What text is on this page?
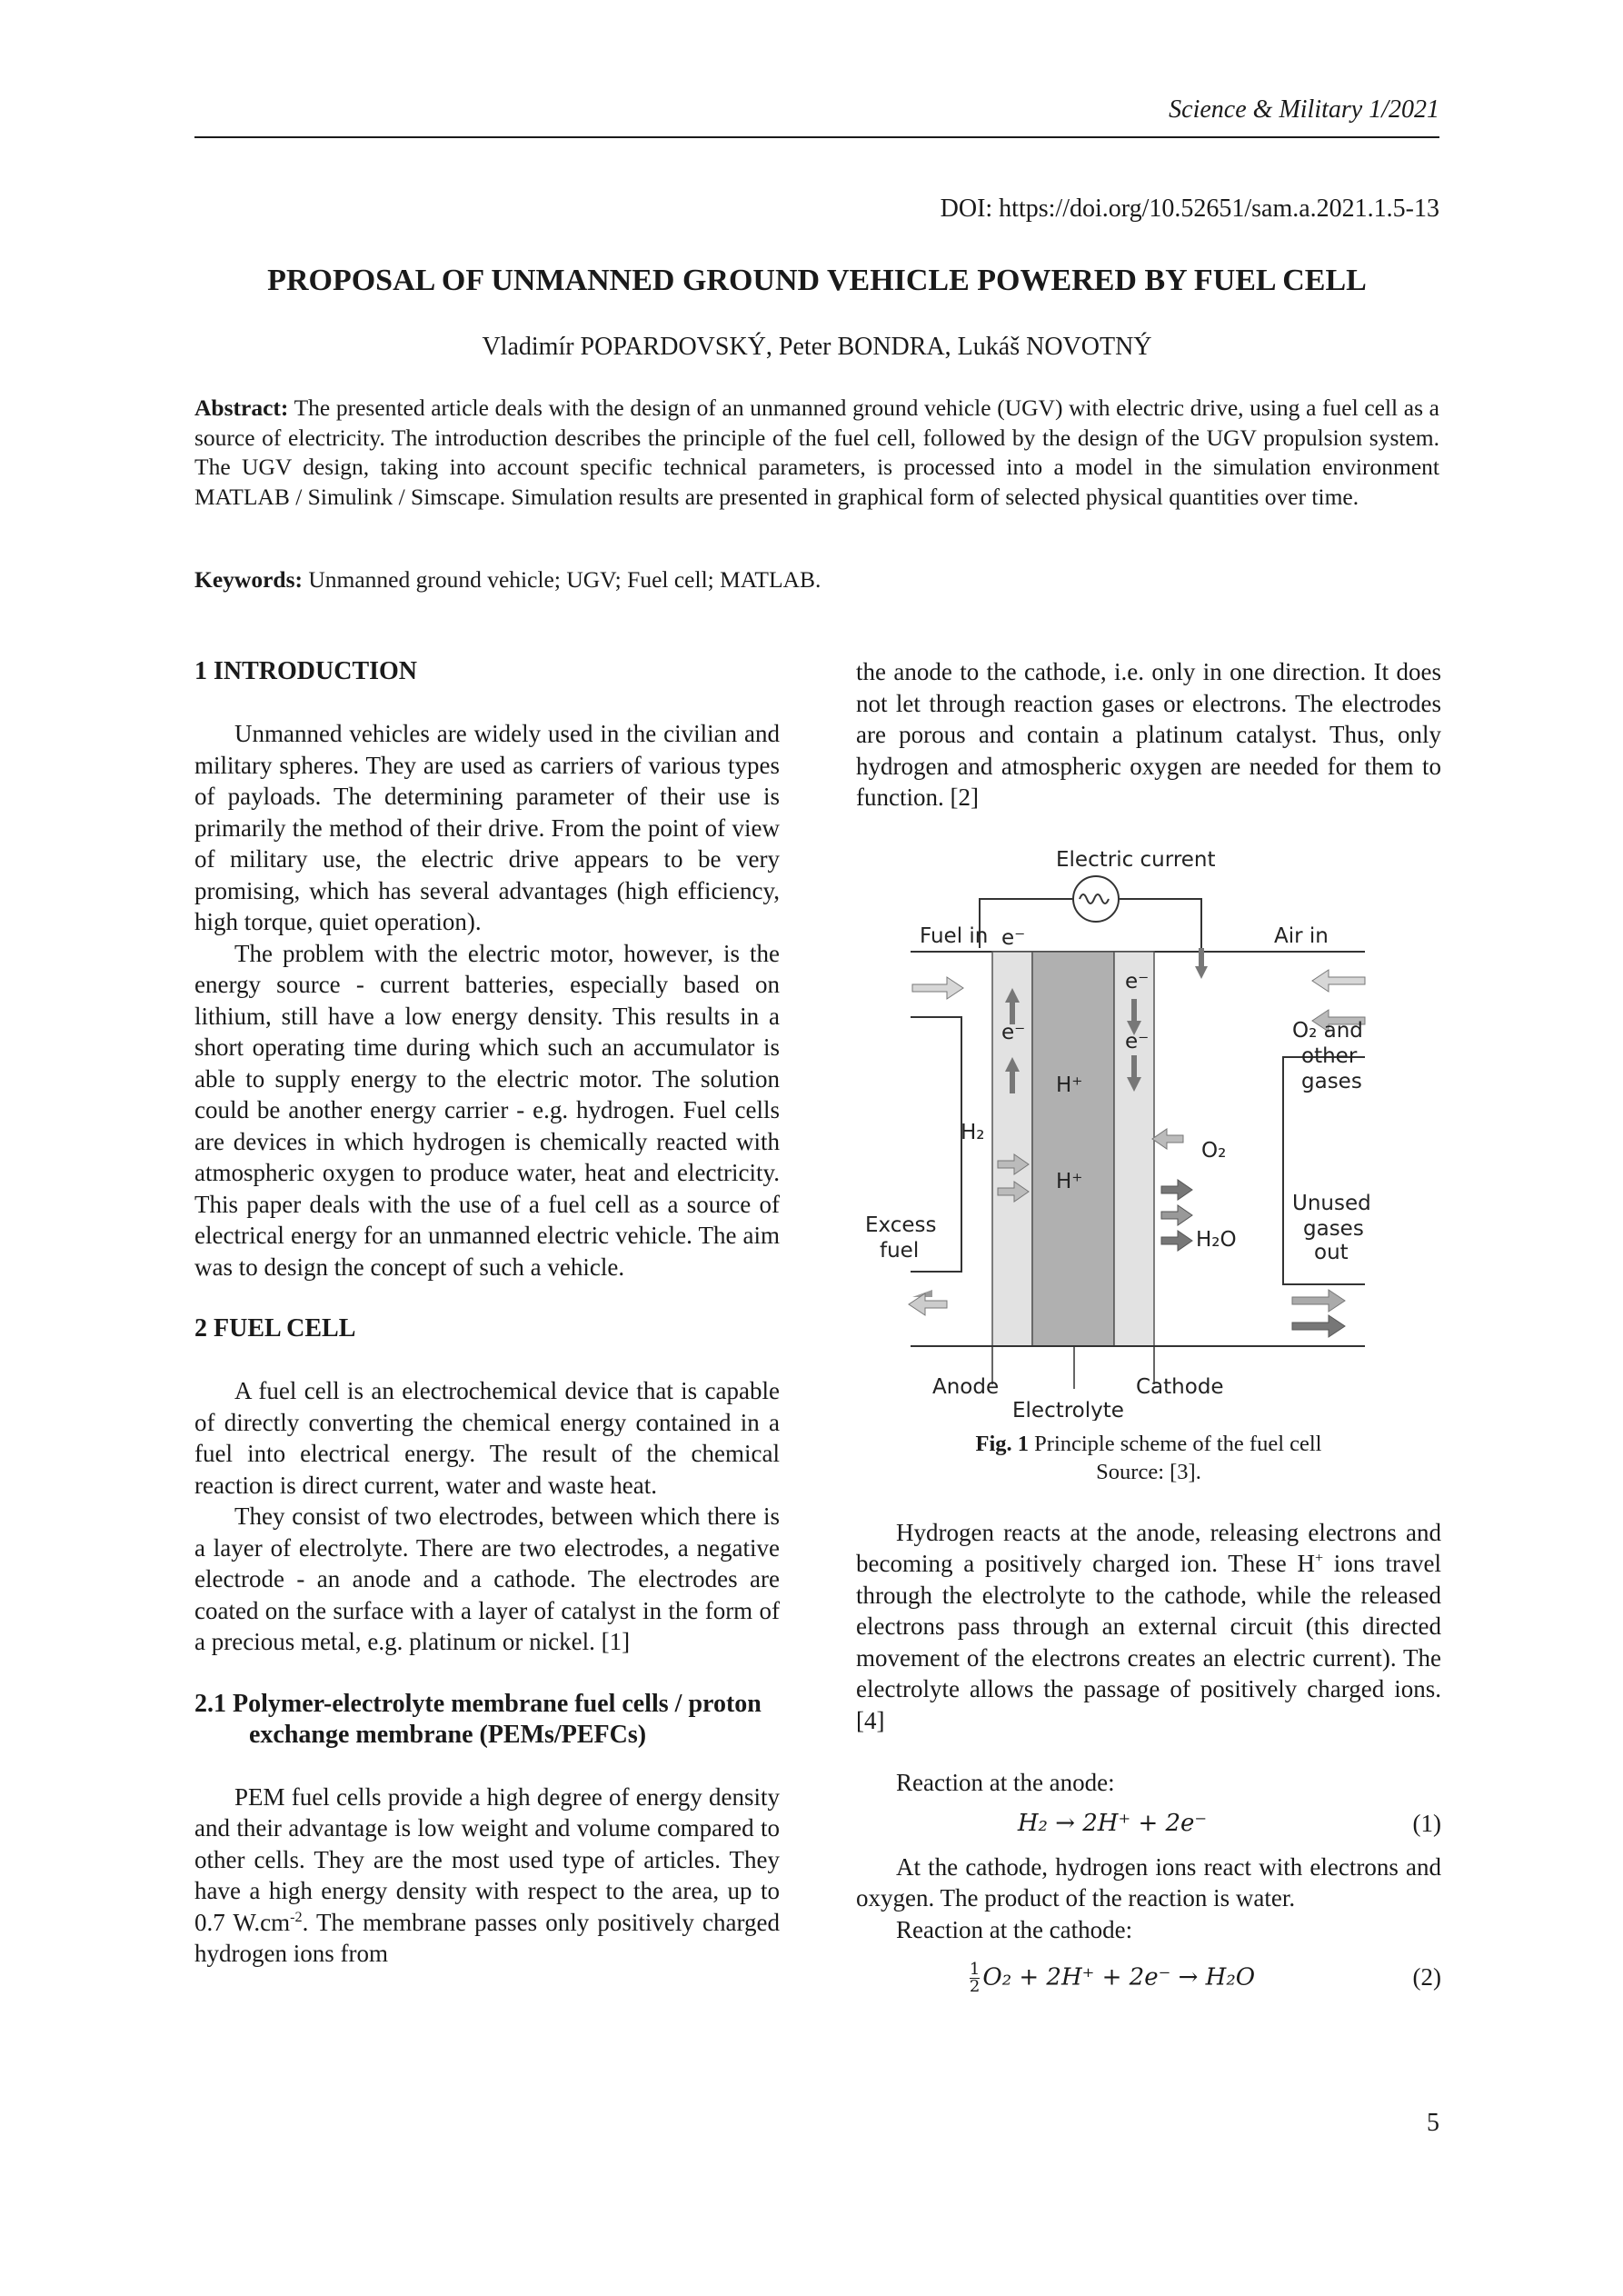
Science & Military 1/2021
DOI: https://doi.org/10.52651/sam.a.2021.1.5-13
PROPOSAL OF UNMANNED GROUND VEHICLE POWERED BY FUEL CELL
Vladimír POPARDOVSKÝ, Peter BONDRA, Lukáš NOVOTNÝ

Abstract: The presented article deals with the design of an unmanned ground vehicle (UGV) with electric drive, using a fuel cell as a source of electricity. The introduction describes the principle of the fuel cell, followed by the design of the UGV propulsion system. The UGV design, taking into account specific technical parameters, is processed into a model in the simulation environment MATLAB / Simulink / Simscape. Simulation results are presented in graphical form of selected physical quantities over time.

Keywords: Unmanned ground vehicle; UGV; Fuel cell; MATLAB.

1 INTRODUCTION

Unmanned vehicles are widely used in the civilian and military spheres. They are used as carriers of various types of payloads. The determining parameter of their use is primarily the method of their drive. From the point of view of military use, the electric drive appears to be very promising, which has several advantages (high efficiency, high torque, quiet operation).

The problem with the electric motor, however, is the energy source - current batteries, especially based on lithium, still have a low energy density. This results in a short operating time during which such an accumulator is able to supply energy to the electric motor. The solution could be another energy carrier - e.g. hydrogen. Fuel cells are devices in which hydrogen is chemically reacted with atmospheric oxygen to produce water, heat and electricity. This paper deals with the use of a fuel cell as a source of electrical energy for an unmanned electric vehicle. The aim was to design the concept of such a vehicle.

2 FUEL CELL

A fuel cell is an electrochemical device that is capable of directly converting the chemical energy contained in a fuel into electrical energy. The result of the chemical reaction is direct current, water and waste heat.

They consist of two electrodes, between which there is a layer of electrolyte. There are two electrodes, a negative electrode - an anode and a cathode. The electrodes are coated on the surface with a layer of catalyst in the form of a precious metal, e.g. platinum or nickel. [1]

2.1 Polymer-electrolyte membrane fuel cells / proton exchange membrane (PEMs/PEFCs)

PEM fuel cells provide a high degree of energy density and their advantage is low weight and volume compared to other cells. They are the most used type of articles. They have a high energy density with respect to the area, up to 0.7 $W.cm^{-2}$. The membrane passes only positively charged hydrogen ions from

the anode to the cathode, i.e. only in one direction. It does not let through reaction gases or electrons. The electrodes are porous and contain a platinum catalyst. Thus, only hydrogen and atmospheric oxygen are needed for them to function. [2]

Electric current
Fuel in	Air in
e⁻
e⁻
e⁻
e⁻	O₂ and
other
gases
H₂
H⁺
H⁺
O₂
H₂O
Excess
fuel
Unused
gases
out
Anode
Electrolyte
Cathode
Fig. 1 Principle scheme of the fuel cell
Source: [3].

Hydrogen reacts at the anode, releasing electrons and becoming a positively charged ion. These H+ ions travel through the electrolyte to the cathode, while the released electrons pass through an external circuit (this directed movement of the electrons creates an electric current). The electrolyte allows the passage of positively charged ions. [4]

Reaction at the anode:

H₂ → 2H⁺ + 2e⁻	(1)

At the cathode, hydrogen ions react with electrons and oxygen. The product of the reaction is water.

Reaction at the cathode:

$\frac{1}{2} O_2 + 2H^+ + 2e^- \to H_2O$	(2)
5
